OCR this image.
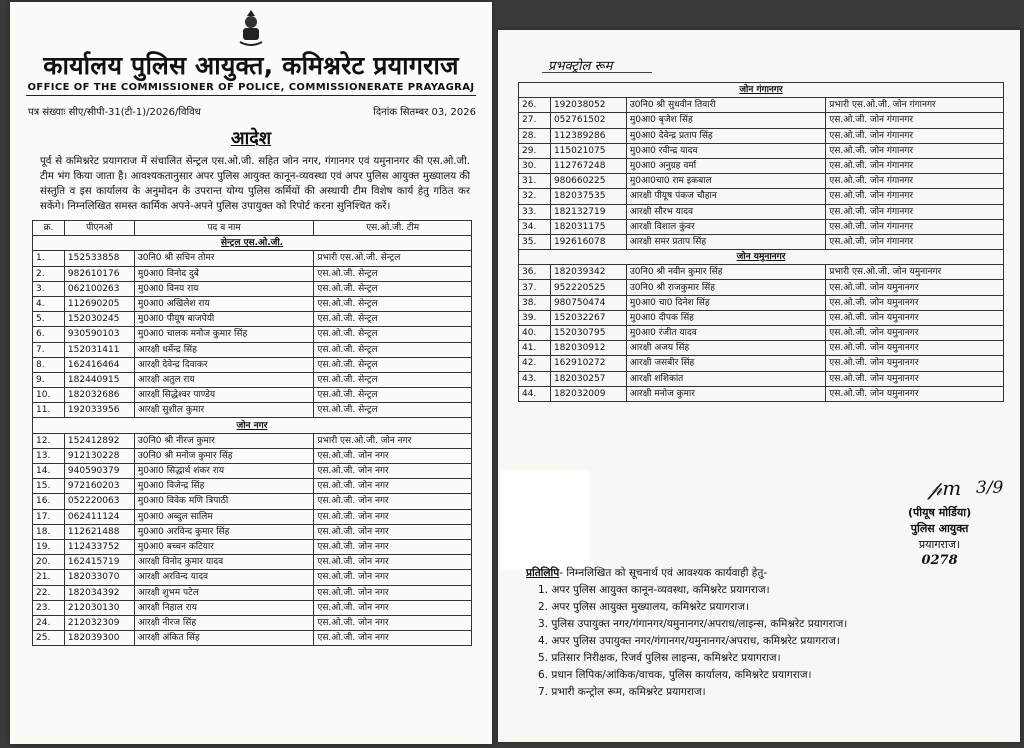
कार्यालय पुलिस आयुक्त, कमिश्नरेट प्रयागराज

OFFICE OF THE COMMISSIONER OF POLICE, COMMISSIONERATE PRAYAGRAJ
पत्र संख्याः सीए/सीपी-31(टी-1)/2026/विविध	दिनांक सितम्बर 03, 2026
आदेश
पूर्व से कमिश्नरेट प्रयागराज में संचालित सेन्ट्रल एस.ओ.जी. सहित जोन नगर, गंगानगर एवं यमुनानगर की एस.ओ.जी. टीम भंग किया जाता है। आवश्यकतानुसार अपर पुलिस आयुक्त कानून-व्यवस्था एवं अपर पुलिस आयुक्त मुख्यालय की संस्तुति व इस कार्यालय के अनुमोदन के उपरान्त योग्य पुलिस कर्मियों की अस्थायी टीम विशेष कार्य हेतु गठित कर सकेंगे। निम्नलिखित समस्त कार्मिक अपने-अपने पुलिस उपायुक्त को रिपोर्ट करना सुनिश्चित करें।
क्र.	पीएनओ	पद व नाम	एस.ओ.जी. टीम
सेन्ट्रल एस.ओ.जी.			
1.	152533858	उ0नि0 श्री सचिन तोमर	प्रभारी एस.ओ.जी. सेन्ट्रल
2.	982610176	मु0आ0 विनोद दुबे	एस.ओ.जी. सेन्ट्रल
3.	062100263	मु0आ0 विनय राय	एस.ओ.जी. सेन्ट्रल
4.	112690205	मु0आ0 अखिलेश राय	एस.ओ.जी. सेन्ट्रल
5.	152030245	मु0आ0 पीयूष बाजपेयी	एस.ओ.जी. सेन्ट्रल
6.	930590103	मु0आ0 चालक मनोज कुमार सिंह	एस.ओ.जी. सेन्ट्रल
7.	152031411	आरक्षी धर्मेन्द्र सिंह	एस.ओ.जी. सेन्ट्रल
8.	162416464	आरक्षी देवेन्द्र दिवाकर	एस.ओ.जी. सेन्ट्रल
9.	182440915	आरक्षी अतुल राय	एस.ओ.जी. सेन्ट्रल
10.	182032686	आरक्षी सिद्धेश्वर पाण्डेय	एस.ओ.जी. सेन्ट्रल
11.	192033956	आरक्षी सुशील कुमार	एस.ओ.जी. सेन्ट्रल
जोन नगर			
12.	152412892	उ0नि0 श्री नीरज कुमार	प्रभारी एस.ओ.जी. जोन नगर
13.	912130228	उ0नि0 श्री मनोज कुमार सिंह	एस.ओ.जी. जोन नगर
14.	940590379	मु0आ0 सिद्धार्थ शंकर राय	एस.ओ.जी. जोन नगर
15.	972160203	मु0आ0 विजेन्द्र सिंह	एस.ओ.जी. जोन नगर
16.	052220063	मु0आ0 विवेक मणि त्रिपाठी	एस.ओ.जी. जोन नगर
17.	062411124	मु0आ0 अब्दुल सालिम	एस.ओ.जी. जोन नगर
18.	112621488	मु0आ0 अरविन्द कुमार सिंह	एस.ओ.जी. जोन नगर
19.	112433752	मु0आ0 बच्चन कटियार	एस.ओ.जी. जोन नगर
20.	162415719	आरक्षी विनोद कुमार यादव	एस.ओ.जी. जोन नगर
21.	182033070	आरक्षी अरविन्द यादव	एस.ओ.जी. जोन नगर
22.	182034392	आरक्षी शुभम पटेल	एस.ओ.जी. जोन नगर
23.	212030130	आरक्षी निहाल राय	एस.ओ.जी. जोन नगर
24.	212032309	आरक्षी नीरज सिंह	एस.ओ.जी. जोन नगर
25.	182039300	आरक्षी अंकित सिंह	एस.ओ.जी. जोन नगर
प्रभक्ट्रोल रूम
जोन गंगानगर			
26.	192038052	उ0नि0 श्री सुधवीन तिवारी	प्रभारी एस.ओ.जी. जोन गंगानगर
27.	052761502	मु0आ0 बृजेश सिंह	एस.ओ.जी. जोन गंगानगर
28.	112389286	मु0आ0 देवेन्द्र प्रताप सिंह	एस.ओ.जी. जोन गंगानगर
29.	115021075	मु0आ0 रवीन्द्र यादव	एस.ओ.जी. जोन गंगानगर
30.	112767248	मु0आ0 अनुग्रह वर्मा	एस.ओ.जी. जोन गंगानगर
31.	980660225	मु0आ0चा0 राम इकबाल	एस.ओ.जी. जोन गंगानगर
32.	182037535	आरक्षी पीयूष पंकज चौहान	एस.ओ.जी. जोन गंगानगर
33.	182132719	आरक्षी सौरभ यादव	एस.ओ.जी. जोन गंगानगर
34.	182031175	आरक्षी विशाल कुंवर	एस.ओ.जी. जोन गंगानगर
35.	192616078	आरक्षी समर प्रताप सिंह	एस.ओ.जी. जोन गंगानगर
जोन यमुनानगर			
36.	182039342	उ0नि0 श्री नवीन कुमार सिंह	प्रभारी एस.ओ.जी. जोन यमुनानगर
37.	952220525	उ0नि0 श्री राजकुमार सिंह	एस.ओ.जी. जोन यमुनानगर
38.	980750474	मु0आ0 चा0 दिनेश सिंह	एस.ओ.जी. जोन यमुनानगर
39.	152032267	मु0आ0 दीपक सिंह	एस.ओ.जी. जोन यमुनानगर
40.	152030795	मु0आ0 रंजीत यादव	एस.ओ.जी. जोन यमुनानगर
41.	182030912	आरक्षी अजय सिंह	एस.ओ.जी. जोन यमुनानगर
42.	162910272	आरक्षी जसबीर सिंह	एस.ओ.जी. जोन यमुनानगर
43.	182030257	आरक्षी शशिकांत	एस.ओ.जी. जोन यमुनानगर
44.	182032009	आरक्षी मनोज कुमार	एस.ओ.जी. जोन यमुनानगर
𝓅m 3/9
(पीयूष मोर्डिया)
पुलिस आयुक्त
प्रयागराज।
0278
प्रतिलिपि- निम्नलिखित को सूचनार्थ एवं आवश्यक कार्यवाही हेतु-
1. अपर पुलिस आयुक्त कानून-व्यवस्था, कमिश्नरेट प्रयागराज।
2. अपर पुलिस आयुक्त मुख्यालय, कमिश्नरेट प्रयागराज।
3. पुलिस उपायुक्त नगर/गंगानगर/यमुनानगर/अपराध/लाइन्स, कमिश्नरेट प्रयागराज।
4. अपर पुलिस उपायुक्त नगर/गंगानगर/यमुनानगर/अपराध, कमिश्नरेट प्रयागराज।
5. प्रतिसार निरीक्षक, रिजर्व पुलिस लाइन्स, कमिश्नरेट प्रयागराज।
6. प्रधान लिपिक/आंकिक/वाचक, पुलिस कार्यालय, कमिश्नरेट प्रयागराज।
7. प्रभारी कन्ट्रोल रूम, कमिश्नरेट प्रयागराज।
